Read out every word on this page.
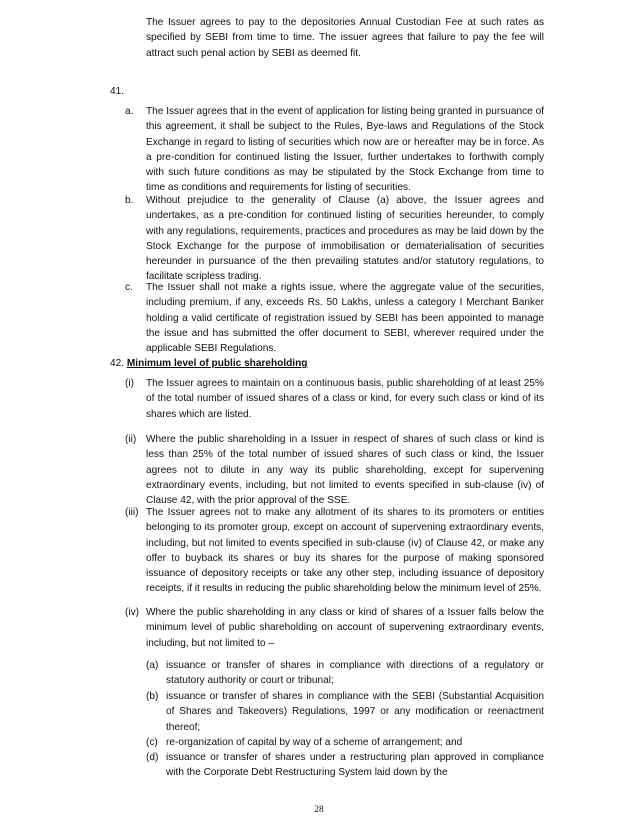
The Issuer agrees to pay to the depositories Annual Custodian Fee at such rates as specified by SEBI from time to time. The issuer agrees that failure to pay the fee will attract such penal action by SEBI as deemed fit.

41.
a. The Issuer agrees that in the event of application for listing being granted in pursuance of this agreement, it shall be subject to the Rules, Bye-laws and Regulations of the Stock Exchange in regard to listing of securities which now are or hereafter may be in force. As a pre-condition for continued listing the Issuer, further undertakes to forthwith comply with such future conditions as may be stipulated by the Stock Exchange from time to time as conditions and requirements for listing of securities.

b. Without prejudice to the generality of Clause (a) above, the Issuer agrees and undertakes, as a pre-condition for continued listing of securities hereunder, to comply with any regulations, requirements, practices and procedures as may be laid down by the Stock Exchange for the purpose of immobilisation or dematerialisation of securities hereunder in pursuance of the then prevailing statutes and/or statutory regulations, to facilitate scripless trading.

c. The Issuer shall not make a rights issue, where the aggregate value of the securities, including premium, if any, exceeds Rs. 50 Lakhs, unless a category I Merchant Banker holding a valid certificate of registration issued by SEBI has been appointed to manage the issue and has submitted the offer document to SEBI, wherever required under the applicable SEBI Regulations.

42. Minimum level of public shareholding
(i) The Issuer agrees to maintain on a continuous basis, public shareholding of at least 25% of the total number of issued shares of a class or kind, for every such class or kind of its shares which are listed.

(ii) Where the public shareholding in a Issuer in respect of shares of such class or kind is less than 25% of the total number of issued shares of such class or kind, the Issuer agrees not to dilute in any way its public shareholding, except for supervening extraordinary events, including, but not limited to events specified in sub-clause (iv) of Clause 42, with the prior approval of the SSE.

(iii) The Issuer agrees not to make any allotment of its shares to its promoters or entities belonging to its promoter group, except on account of supervening extraordinary events, including, but not limited to events specified in sub-clause (iv) of Clause 42, or make any offer to buyback its shares or buy its shares for the purpose of making sponsored issuance of depository receipts or take any other step, including issuance of depository receipts, if it results in reducing the public shareholding below the minimum level of 25%.

(iv) Where the public shareholding in any class or kind of shares of a Issuer falls below the minimum level of public shareholding on account of supervening extraordinary events, including, but not limited to –

(a) issuance or transfer of shares in compliance with directions of a regulatory or statutory authority or court or tribunal;

(b) issuance or transfer of shares in compliance with the SEBI (Substantial Acquisition of Shares and Takeovers) Regulations, 1997 or any modification or reenactment thereof;

(c) re-organization of capital by way of a scheme of arrangement; and

(d) issuance or transfer of shares under a restructuring plan approved in compliance with the Corporate Debt Restructuring System laid down by the

28
